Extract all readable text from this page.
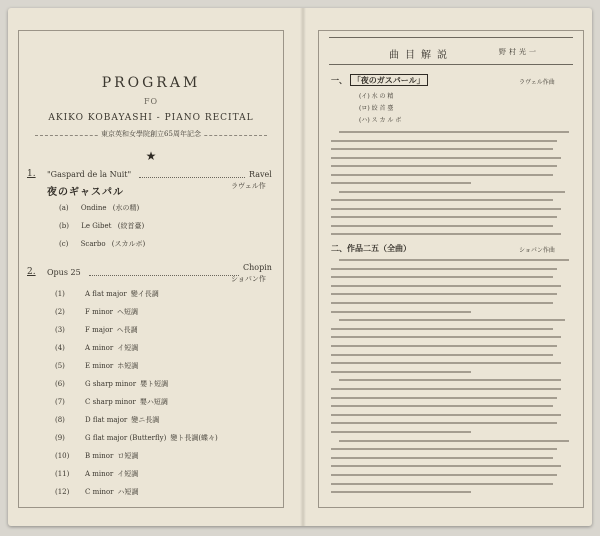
PROGRAM
FO
AKIKO KOBAYASHI - PIANO RECITAL
東京英和女學院創立65周年記念
★
1. "Gaspard de la Nuit"	Ravel
ラヴェル作
夜のギャスパル
(a) Ondine (水の精)
(b) Le Gibet (絞首臺)
(c) Scarbo (スカルボ)
2. Opus 25
Chopin
ショパン作
(1)	A flat major 變イ長調
(2)	F minor ヘ短調
(3)	F major ヘ長調
(4)	A minor イ短調
(5)	E minor ホ短調
(6)	G sharp minor 嬰ト短調
(7)	C sharp minor 嬰ハ短調
(8)	D flat major 變ニ長調
(9)	G flat major (Butterfly) 變ト長調(蝶々)
(10) B minor ロ短調
(11) A minor イ短調
(12) C minor ハ短調
曲目解説	野村光一
一、 「夜のガスパール」	ラヴェル作曲
(イ) 水 の 精
(ロ) 絞 首 臺
(ハ) ス カ ル ボ
二、作品二五（全曲）	ショパン作曲
